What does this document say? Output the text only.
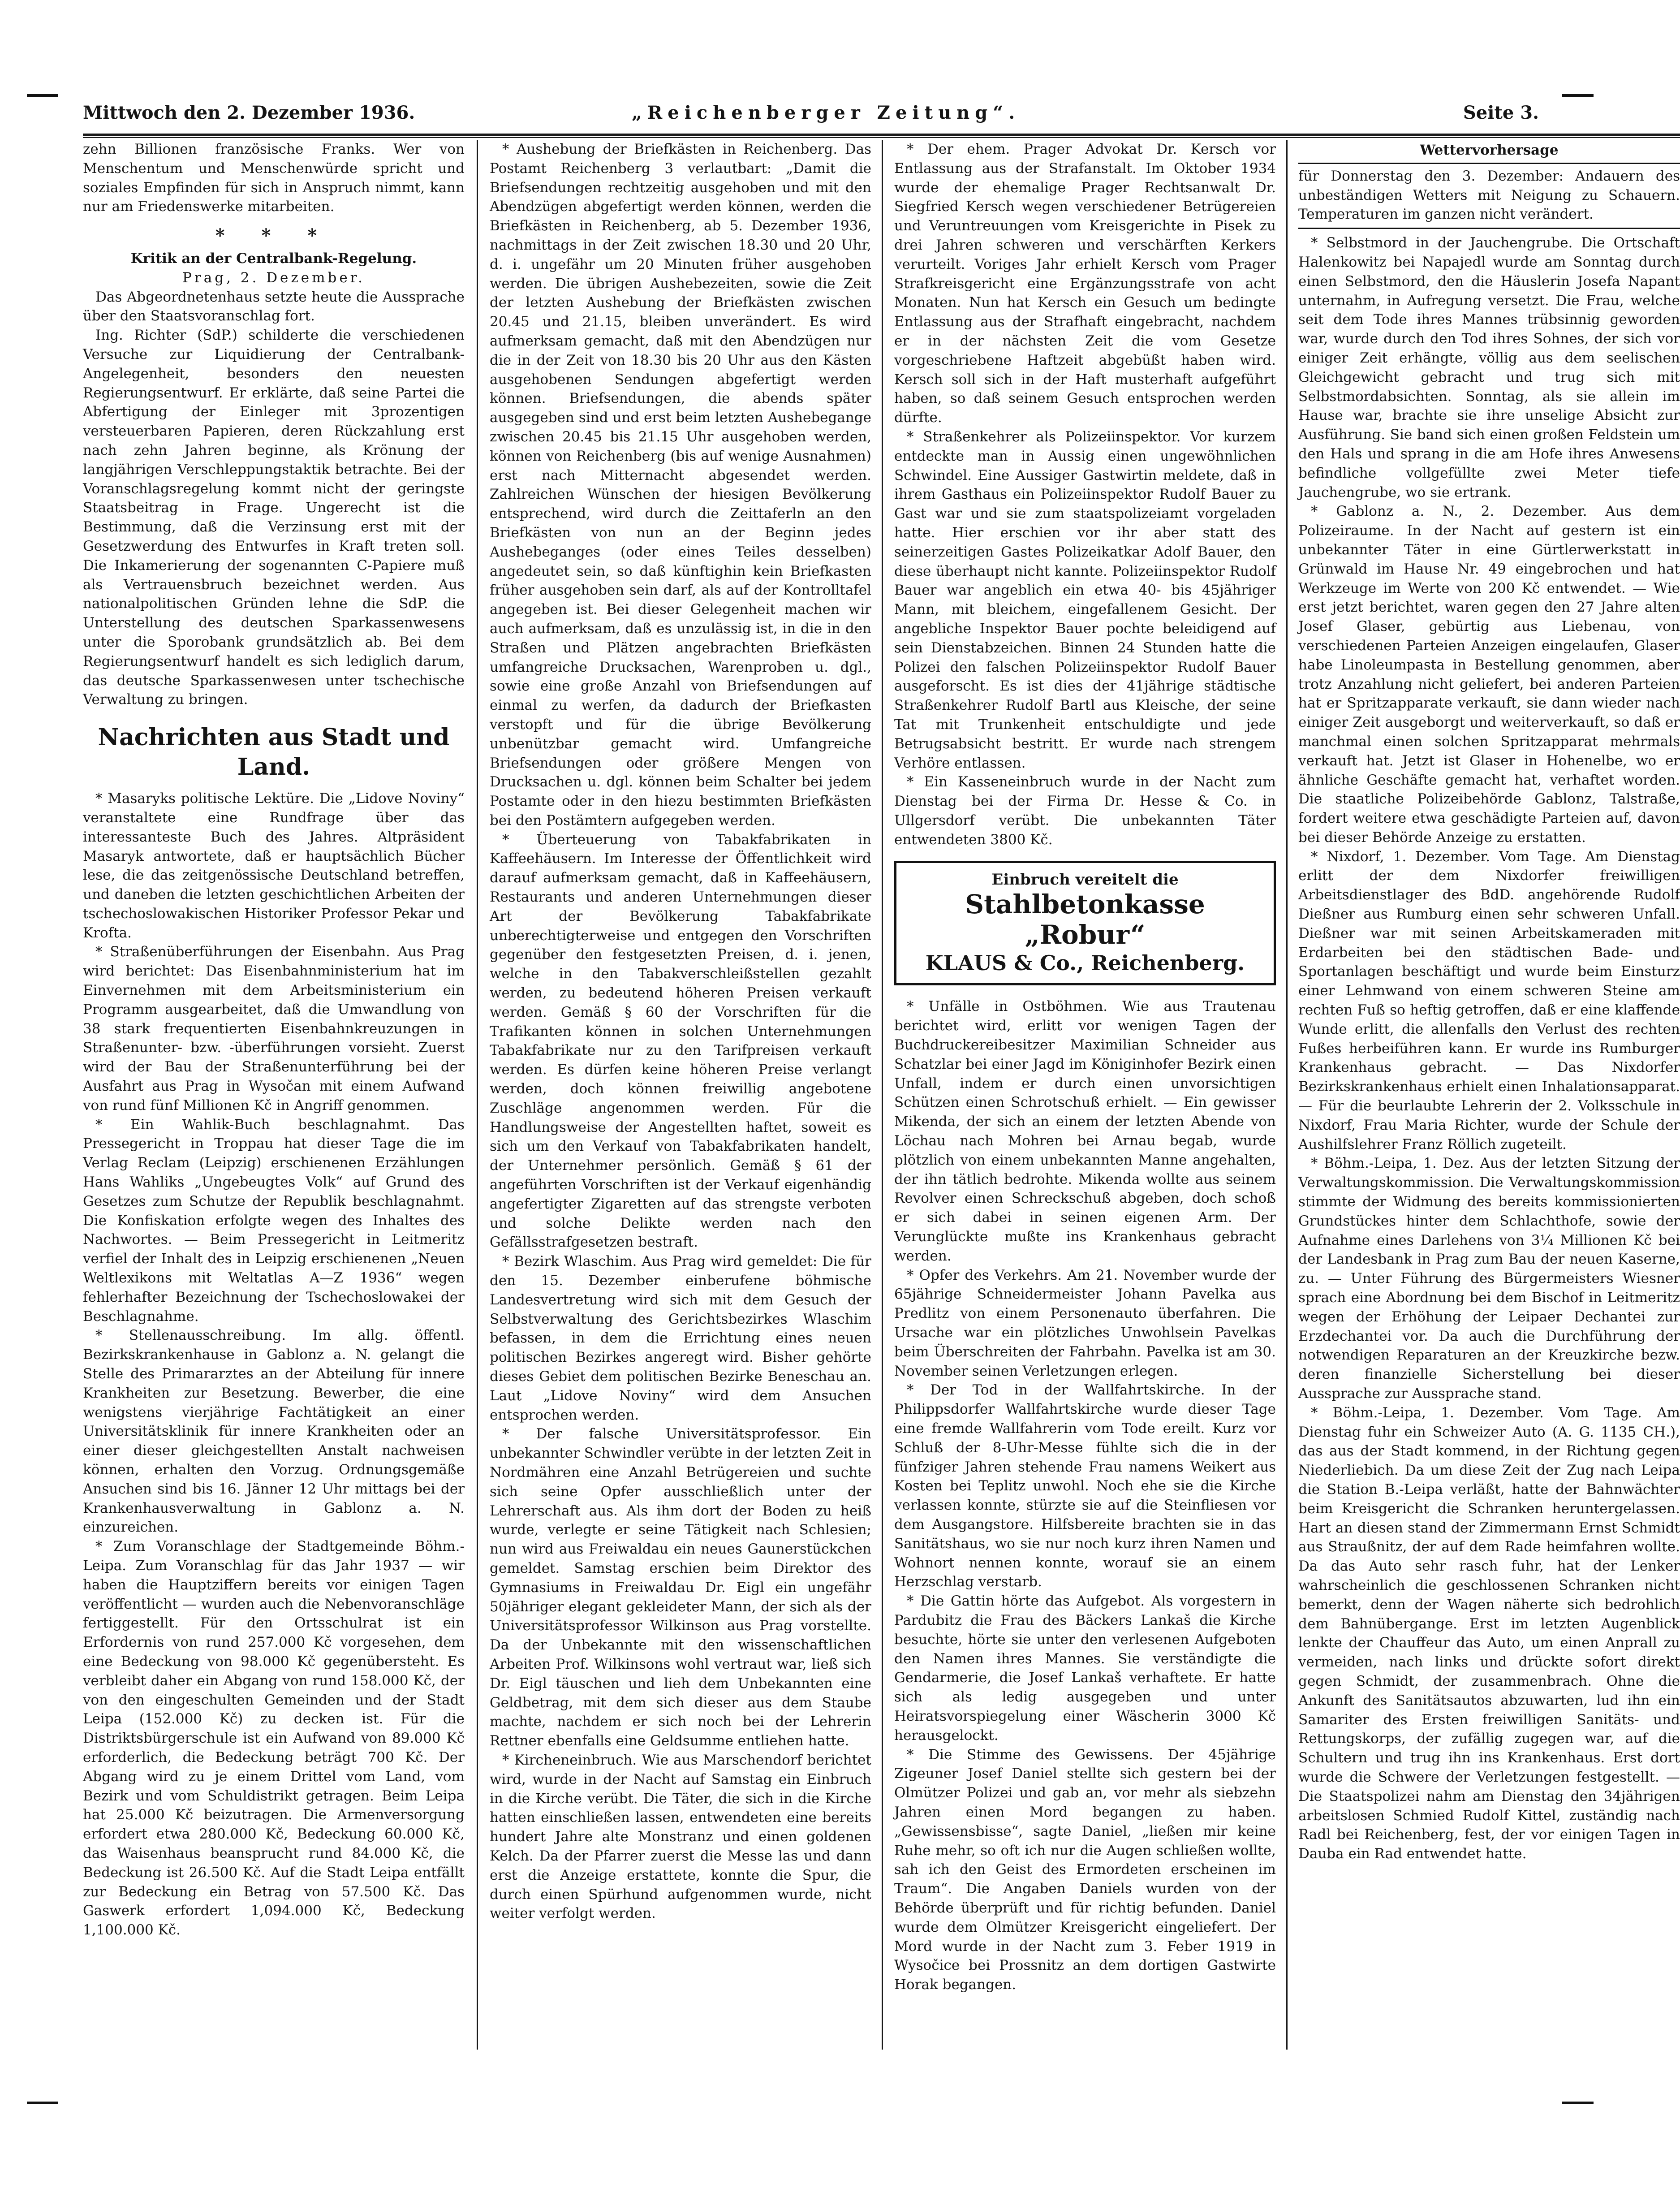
Mittwoch den 2. Dezember 1936.	„Reichenberger Zeitung“.	Seite 3.

zehn Billionen französische Franks. Wer von Menschentum und Menschenwürde spricht und soziales Empfinden für sich in Anspruch nimmt, kann nur am Friedenswerke mitarbeiten.

* * *

Kritik an der Centralbank-Regelung.

Prag, 2. Dezember.

Das Abgeordnetenhaus setzte heute die Aussprache über den Staatsvoranschlag fort.

Ing. Richter (SdP.) schilderte die verschiedenen Versuche zur Liquidierung der Centralbank-Angelegenheit, besonders den neuesten Regierungsentwurf. Er erklärte, daß seine Partei die Abfertigung der Einleger mit 3prozentigen versteuerbaren Papieren, deren Rückzahlung erst nach zehn Jahren beginne, als Krönung der langjährigen Verschleppungstaktik betrachte. Bei der Voranschlagsregelung kommt nicht der geringste Staatsbeitrag in Frage. Ungerecht ist die Bestimmung, daß die Verzinsung erst mit der Gesetzwerdung des Entwurfes in Kraft treten soll. Die Inkamerierung der sogenannten C-Papiere muß als Vertrauensbruch bezeichnet werden. Aus nationalpolitischen Gründen lehne die SdP. die Unterstellung des deutschen Sparkassenwesens unter die Sporobank grundsätzlich ab. Bei dem Regierungsentwurf handelt es sich lediglich darum, das deutsche Sparkassenwesen unter tschechische Verwaltung zu bringen.

Nachrichten aus Stadt und Land.

* Masaryks politische Lektüre. Die „Lidove Noviny“ veranstaltete eine Rundfrage über das interessanteste Buch des Jahres. Altpräsident Masaryk antwortete, daß er hauptsächlich Bücher lese, die das zeitgenössische Deutschland betreffen, und daneben die letzten geschichtlichen Arbeiten der tschechoslowakischen Historiker Professor Pekar und Krofta.

* Straßenüberführungen der Eisenbahn. Aus Prag wird berichtet: Das Eisenbahnministerium hat im Einvernehmen mit dem Arbeitsministerium ein Programm ausgearbeitet, daß die Umwandlung von 38 stark frequentierten Eisenbahnkreuzungen in Straßenunter- bzw. -überführungen vorsieht. Zuerst wird der Bau der Straßenunterführung bei der Ausfahrt aus Prag in Wysočan mit einem Aufwand von rund fünf Millionen Kč in Angriff genommen.

* Ein Wahlik-Buch beschlagnahmt. Das Pressegericht in Troppau hat dieser Tage die im Verlag Reclam (Leipzig) erschienenen Erzählungen Hans Wahliks „Ungebeugtes Volk“ auf Grund des Gesetzes zum Schutze der Republik beschlagnahmt. Die Konfiskation erfolgte wegen des Inhaltes des Nachwortes. — Beim Pressegericht in Leitmeritz verfiel der Inhalt des in Leipzig erschienenen „Neuen Weltlexikons mit Weltatlas A—Z 1936“ wegen fehlerhafter Bezeichnung der Tschechoslowakei der Beschlagnahme.

* Stellenausschreibung. Im allg. öffentl. Bezirkskrankenhause in Gablonz a. N. gelangt die Stelle des Primararztes an der Abteilung für innere Krankheiten zur Besetzung. Bewerber, die eine wenigstens vierjährige Fachtätigkeit an einer Universitätsklinik für innere Krankheiten oder an einer dieser gleichgestellten Anstalt nachweisen können, erhalten den Vorzug. Ordnungsgemäße Ansuchen sind bis 16. Jänner 12 Uhr mittags bei der Krankenhausverwaltung in Gablonz a. N. einzureichen.

* Zum Voranschlage der Stadtgemeinde Böhm.-Leipa. Zum Voranschlag für das Jahr 1937 — wir haben die Hauptziffern bereits vor einigen Tagen veröffentlicht — wurden auch die Nebenvoranschläge fertiggestellt. Für den Ortsschulrat ist ein Erfordernis von rund 257.000 Kč vorgesehen, dem eine Bedeckung von 98.000 Kč gegenübersteht. Es verbleibt daher ein Abgang von rund 158.000 Kč, der von den eingeschulten Gemeinden und der Stadt Leipa (152.000 Kč) zu decken ist. Für die Distriktsbürgerschule ist ein Aufwand von 89.000 Kč erforderlich, die Bedeckung beträgt 700 Kč. Der Abgang wird zu je einem Drittel vom Land, vom Bezirk und vom Schuldistrikt getragen. Beim Leipa hat 25.000 Kč beizutragen. Die Armenversorgung erfordert etwa 280.000 Kč, Bedeckung 60.000 Kč, das Waisenhaus beansprucht rund 84.000 Kč, die Bedeckung ist 26.500 Kč. Auf die Stadt Leipa entfällt zur Bedeckung ein Betrag von 57.500 Kč. Das Gaswerk erfordert 1,094.000 Kč, Bedeckung 1,100.000 Kč.

* Aushebung der Briefkästen in Reichenberg. Das Postamt Reichenberg 3 verlautbart: „Damit die Briefsendungen rechtzeitig ausgehoben und mit den Abendzügen abgefertigt werden können, werden die Briefkästen in Reichenberg, ab 5. Dezember 1936, nachmittags in der Zeit zwischen 18.30 und 20 Uhr, d. i. ungefähr um 20 Minuten früher ausgehoben werden. Die übrigen Aushebezeiten, sowie die Zeit der letzten Aushebung der Briefkästen zwischen 20.45 und 21.15, bleiben unverändert. Es wird aufmerksam gemacht, daß mit den Abendzügen nur die in der Zeit von 18.30 bis 20 Uhr aus den Kästen ausgehobenen Sendungen abgefertigt werden können. Briefsendungen, die abends später ausgegeben sind und erst beim letzten Aushebegange zwischen 20.45 bis 21.15 Uhr ausgehoben werden, können von Reichenberg (bis auf wenige Ausnahmen) erst nach Mitternacht abgesendet werden. Zahlreichen Wünschen der hiesigen Bevölkerung entsprechend, wird durch die Zeittaferln an den Briefkästen von nun an der Beginn jedes Aushebeganges (oder eines Teiles desselben) angedeutet sein, so daß künftighin kein Briefkasten früher ausgehoben sein darf, als auf der Kontrolltafel angegeben ist. Bei dieser Gelegenheit machen wir auch aufmerksam, daß es unzulässig ist, in die in den Straßen und Plätzen angebrachten Briefkästen umfangreiche Drucksachen, Warenproben u. dgl., sowie eine große Anzahl von Briefsendungen auf einmal zu werfen, da dadurch der Briefkasten verstopft und für die übrige Bevölkerung unbenützbar gemacht wird. Umfangreiche Briefsendungen oder größere Mengen von Drucksachen u. dgl. können beim Schalter bei jedem Postamte oder in den hiezu bestimmten Briefkästen bei den Postämtern aufgegeben werden.

* Überteuerung von Tabakfabrikaten in Kaffeehäusern. Im Interesse der Öffentlichkeit wird darauf aufmerksam gemacht, daß in Kaffeehäusern, Restaurants und anderen Unternehmungen dieser Art der Bevölkerung Tabakfabrikate unberechtigterweise und entgegen den Vorschriften gegenüber den festgesetzten Preisen, d. i. jenen, welche in den Tabakverschleißstellen gezahlt werden, zu bedeutend höheren Preisen verkauft werden. Gemäß § 60 der Vorschriften für die Trafikanten können in solchen Unternehmungen Tabakfabrikate nur zu den Tarifpreisen verkauft werden. Es dürfen keine höheren Preise verlangt werden, doch können freiwillig angebotene Zuschläge angenommen werden. Für die Handlungsweise der Angestellten haftet, soweit es sich um den Verkauf von Tabakfabrikaten handelt, der Unternehmer persönlich. Gemäß § 61 der angeführten Vorschriften ist der Verkauf eigenhändig angefertigter Zigaretten auf das strengste verboten und solche Delikte werden nach den Gefällsstrafgesetzen bestraft.

* Bezirk Wlaschim. Aus Prag wird gemeldet: Die für den 15. Dezember einberufene böhmische Landesvertretung wird sich mit dem Gesuch der Selbstverwaltung des Gerichtsbezirkes Wlaschim befassen, in dem die Errichtung eines neuen politischen Bezirkes angeregt wird. Bisher gehörte dieses Gebiet dem politischen Bezirke Beneschau an. Laut „Lidove Noviny“ wird dem Ansuchen entsprochen werden.

* Der falsche Universitätsprofessor. Ein unbekannter Schwindler verübte in der letzten Zeit in Nordmähren eine Anzahl Betrügereien und suchte sich seine Opfer ausschließlich unter der Lehrerschaft aus. Als ihm dort der Boden zu heiß wurde, verlegte er seine Tätigkeit nach Schlesien; nun wird aus Freiwaldau ein neues Gaunerstückchen gemeldet. Samstag erschien beim Direktor des Gymnasiums in Freiwaldau Dr. Eigl ein ungefähr 50jähriger elegant gekleideter Mann, der sich als der Universitätsprofessor Wilkinson aus Prag vorstellte. Da der Unbekannte mit den wissenschaftlichen Arbeiten Prof. Wilkinsons wohl vertraut war, ließ sich Dr. Eigl täuschen und lieh dem Unbekannten eine Geldbetrag, mit dem sich dieser aus dem Staube machte, nachdem er sich noch bei der Lehrerin Rettner ebenfalls eine Geldsumme entliehen hatte.

* Kircheneinbruch. Wie aus Marschendorf berichtet wird, wurde in der Nacht auf Samstag ein Einbruch in die Kirche verübt. Die Täter, die sich in die Kirche hatten einschließen lassen, entwendeten eine bereits hundert Jahre alte Monstranz und einen goldenen Kelch. Da der Pfarrer zuerst die Messe las und dann erst die Anzeige erstattete, konnte die Spur, die durch einen Spürhund aufgenommen wurde, nicht weiter verfolgt werden.

* Der ehem. Prager Advokat Dr. Kersch vor Entlassung aus der Strafanstalt. Im Oktober 1934 wurde der ehemalige Prager Rechtsanwalt Dr. Siegfried Kersch wegen verschiedener Betrügereien und Veruntreuungen vom Kreisgerichte in Pisek zu drei Jahren schweren und verschärften Kerkers verurteilt. Voriges Jahr erhielt Kersch vom Prager Strafkreisgericht eine Ergänzungsstrafe von acht Monaten. Nun hat Kersch ein Gesuch um bedingte Entlassung aus der Strafhaft eingebracht, nachdem er in der nächsten Zeit die vom Gesetze vorgeschriebene Haftzeit abgebüßt haben wird. Kersch soll sich in der Haft musterhaft aufgeführt haben, so daß seinem Gesuch entsprochen werden dürfte.

* Straßenkehrer als Polizeiinspektor. Vor kurzem entdeckte man in Aussig einen ungewöhnlichen Schwindel. Eine Aussiger Gastwirtin meldete, daß in ihrem Gasthaus ein Polizeiinspektor Rudolf Bauer zu Gast war und sie zum staatspolizeiamt vorgeladen hatte. Hier erschien vor ihr aber statt des seinerzeitigen Gastes Polizeikatkar Adolf Bauer, den diese überhaupt nicht kannte. Polizeiinspektor Rudolf Bauer war angeblich ein etwa 40- bis 45jähriger Mann, mit bleichem, eingefallenem Gesicht. Der angebliche Inspektor Bauer pochte beleidigend auf sein Dienstabzeichen. Binnen 24 Stunden hatte die Polizei den falschen Polizeiinspektor Rudolf Bauer ausgeforscht. Es ist dies der 41jährige städtische Straßenkehrer Rudolf Bartl aus Kleische, der seine Tat mit Trunkenheit entschuldigte und jede Betrugsabsicht bestritt. Er wurde nach strengem Verhöre entlassen.

* Ein Kasseneinbruch wurde in der Nacht zum Dienstag bei der Firma Dr. Hesse & Co. in Ullgersdorf verübt. Die unbekannten Täter entwendeten 3800 Kč.

Einbruch vereitelt die
Stahlbetonkasse „Robur“
KLAUS & Co., Reichenberg.

* Unfälle in Ostböhmen. Wie aus Trautenau berichtet wird, erlitt vor wenigen Tagen der Buchdruckereibesitzer Maximilian Schneider aus Schatzlar bei einer Jagd im Königinhofer Bezirk einen Unfall, indem er durch einen unvorsichtigen Schützen einen Schrotschuß erhielt. — Ein gewisser Mikenda, der sich an einem der letzten Abende von Löchau nach Mohren bei Arnau begab, wurde plötzlich von einem unbekannten Manne angehalten, der ihn tätlich bedrohte. Mikenda wollte aus seinem Revolver einen Schreckschuß abgeben, doch schoß er sich dabei in seinen eigenen Arm. Der Verunglückte mußte ins Krankenhaus gebracht werden.

* Opfer des Verkehrs. Am 21. November wurde der 65jährige Schneidermeister Johann Pavelka aus Predlitz von einem Personenauto überfahren. Die Ursache war ein plötzliches Unwohlsein Pavelkas beim Überschreiten der Fahrbahn. Pavelka ist am 30. November seinen Verletzungen erlegen.

* Der Tod in der Wallfahrtskirche. In der Philippsdorfer Wallfahrtskirche wurde dieser Tage eine fremde Wallfahrerin vom Tode ereilt. Kurz vor Schluß der 8-Uhr-Messe fühlte sich die in der fünfziger Jahren stehende Frau namens Weikert aus Kosten bei Teplitz unwohl. Noch ehe sie die Kirche verlassen konnte, stürzte sie auf die Steinfliesen vor dem Ausgangstore. Hilfsbereite brachten sie in das Sanitätshaus, wo sie nur noch kurz ihren Namen und Wohnort nennen konnte, worauf sie an einem Herzschlag verstarb.

* Die Gattin hörte das Aufgebot. Als vorgestern in Pardubitz die Frau des Bäckers Lankaš die Kirche besuchte, hörte sie unter den verlesenen Aufgeboten den Namen ihres Mannes. Sie verständigte die Gendarmerie, die Josef Lankaš verhaftete. Er hatte sich als ledig ausgegeben und unter Heiratsvorspiegelung einer Wäscherin 3000 Kč herausgelockt.

* Die Stimme des Gewissens. Der 45jährige Zigeuner Josef Daniel stellte sich gestern bei der Olmützer Polizei und gab an, vor mehr als siebzehn Jahren einen Mord begangen zu haben. „Gewissensbisse“, sagte Daniel, „ließen mir keine Ruhe mehr, so oft ich nur die Augen schließen wollte, sah ich den Geist des Ermordeten erscheinen im Traum“. Die Angaben Daniels wurden von der Behörde überprüft und für richtig befunden. Daniel wurde dem Olmützer Kreisgericht eingeliefert. Der Mord wurde in der Nacht zum 3. Feber 1919 in Wysočice bei Prossnitz an dem dortigen Gastwirte Horak begangen.

Wettervorhersage

für Donnerstag den 3. Dezember: Andauern des unbeständigen Wetters mit Neigung zu Schauern. Temperaturen im ganzen nicht verändert.

* Selbstmord in der Jauchengrube. Die Ortschaft Halenkowitz bei Napajedl wurde am Sonntag durch einen Selbstmord, den die Häuslerin Josefa Napant unternahm, in Aufregung versetzt. Die Frau, welche seit dem Tode ihres Mannes trübsinnig geworden war, wurde durch den Tod ihres Sohnes, der sich vor einiger Zeit erhängte, völlig aus dem seelischen Gleichgewicht gebracht und trug sich mit Selbstmordabsichten. Sonntag, als sie allein im Hause war, brachte sie ihre unselige Absicht zur Ausführung. Sie band sich einen großen Feldstein um den Hals und sprang in die am Hofe ihres Anwesens befindliche vollgefüllte zwei Meter tiefe Jauchengrube, wo sie ertrank.

* Gablonz a. N., 2. Dezember. Aus dem Polizeiraume. In der Nacht auf gestern ist ein unbekannter Täter in eine Gürtlerwerkstatt in Grünwald im Hause Nr. 49 eingebrochen und hat Werkzeuge im Werte von 200 Kč entwendet. — Wie erst jetzt berichtet, waren gegen den 27 Jahre alten Josef Glaser, gebürtig aus Liebenau, von verschiedenen Parteien Anzeigen eingelaufen, Glaser habe Linoleumpasta in Bestellung genommen, aber trotz Anzahlung nicht geliefert, bei anderen Parteien hat er Spritzapparate verkauft, sie dann wieder nach einiger Zeit ausgeborgt und weiterverkauft, so daß er manchmal einen solchen Spritzapparat mehrmals verkauft hat. Jetzt ist Glaser in Hohenelbe, wo er ähnliche Geschäfte gemacht hat, verhaftet worden. Die staatliche Polizeibehörde Gablonz, Talstraße, fordert weitere etwa geschädigte Parteien auf, davon bei dieser Behörde Anzeige zu erstatten.

* Nixdorf, 1. Dezember. Vom Tage. Am Dienstag erlitt der dem Nixdorfer freiwilligen Arbeitsdienstlager des BdD. angehörende Rudolf Dießner aus Rumburg einen sehr schweren Unfall. Dießner war mit seinen Arbeitskameraden mit Erdarbeiten bei den städtischen Bade- und Sportanlagen beschäftigt und wurde beim Einsturz einer Lehmwand von einem schweren Steine am rechten Fuß so heftig getroffen, daß er eine klaffende Wunde erlitt, die allenfalls den Verlust des rechten Fußes herbeiführen kann. Er wurde ins Rumburger Krankenhaus gebracht. — Das Nixdorfer Bezirkskrankenhaus erhielt einen Inhalationsapparat. — Für die beurlaubte Lehrerin der 2. Volksschule in Nixdorf, Frau Maria Richter, wurde der Schule der Aushilfslehrer Franz Röllich zugeteilt.

* Böhm.-Leipa, 1. Dez. Aus der letzten Sitzung der Verwaltungskommission. Die Verwaltungskommission stimmte der Widmung des bereits kommissionierten Grundstückes hinter dem Schlachthofe, sowie der Aufnahme eines Darlehens von 3¼ Millionen Kč bei der Landesbank in Prag zum Bau der neuen Kaserne, zu. — Unter Führung des Bürgermeisters Wiesner sprach eine Abordnung bei dem Bischof in Leitmeritz wegen der Erhöhung der Leipaer Dechantei zur Erzdechantei vor. Da auch die Durchführung der notwendigen Reparaturen an der Kreuzkirche bezw. deren finanzielle Sicherstellung bei dieser Aussprache zur Aussprache stand.

* Böhm.-Leipa, 1. Dezember. Vom Tage. Am Dienstag fuhr ein Schweizer Auto (A. G. 1135 CH.), das aus der Stadt kommend, in der Richtung gegen Niederliebich. Da um diese Zeit der Zug nach Leipa die Station B.-Leipa verläßt, hatte der Bahnwächter beim Kreisgericht die Schranken heruntergelassen. Hart an diesen stand der Zimmermann Ernst Schmidt aus Straußnitz, der auf dem Rade heimfahren wollte. Da das Auto sehr rasch fuhr, hat der Lenker wahrscheinlich die geschlossenen Schranken nicht bemerkt, denn der Wagen näherte sich bedrohlich dem Bahnübergange. Erst im letzten Augenblick lenkte der Chauffeur das Auto, um einen Anprall zu vermeiden, nach links und drückte sofort direkt gegen Schmidt, der zusammenbrach. Ohne die Ankunft des Sanitätsautos abzuwarten, lud ihn ein Samariter des Ersten freiwilligen Sanitäts- und Rettungskorps, der zufällig zugegen war, auf die Schultern und trug ihn ins Krankenhaus. Erst dort wurde die Schwere der Verletzungen festgestellt. — Die Staatspolizei nahm am Dienstag den 34jährigen arbeitslosen Schmied Rudolf Kittel, zuständig nach Radl bei Reichenberg, fest, der vor einigen Tagen in Dauba ein Rad entwendet hatte.
